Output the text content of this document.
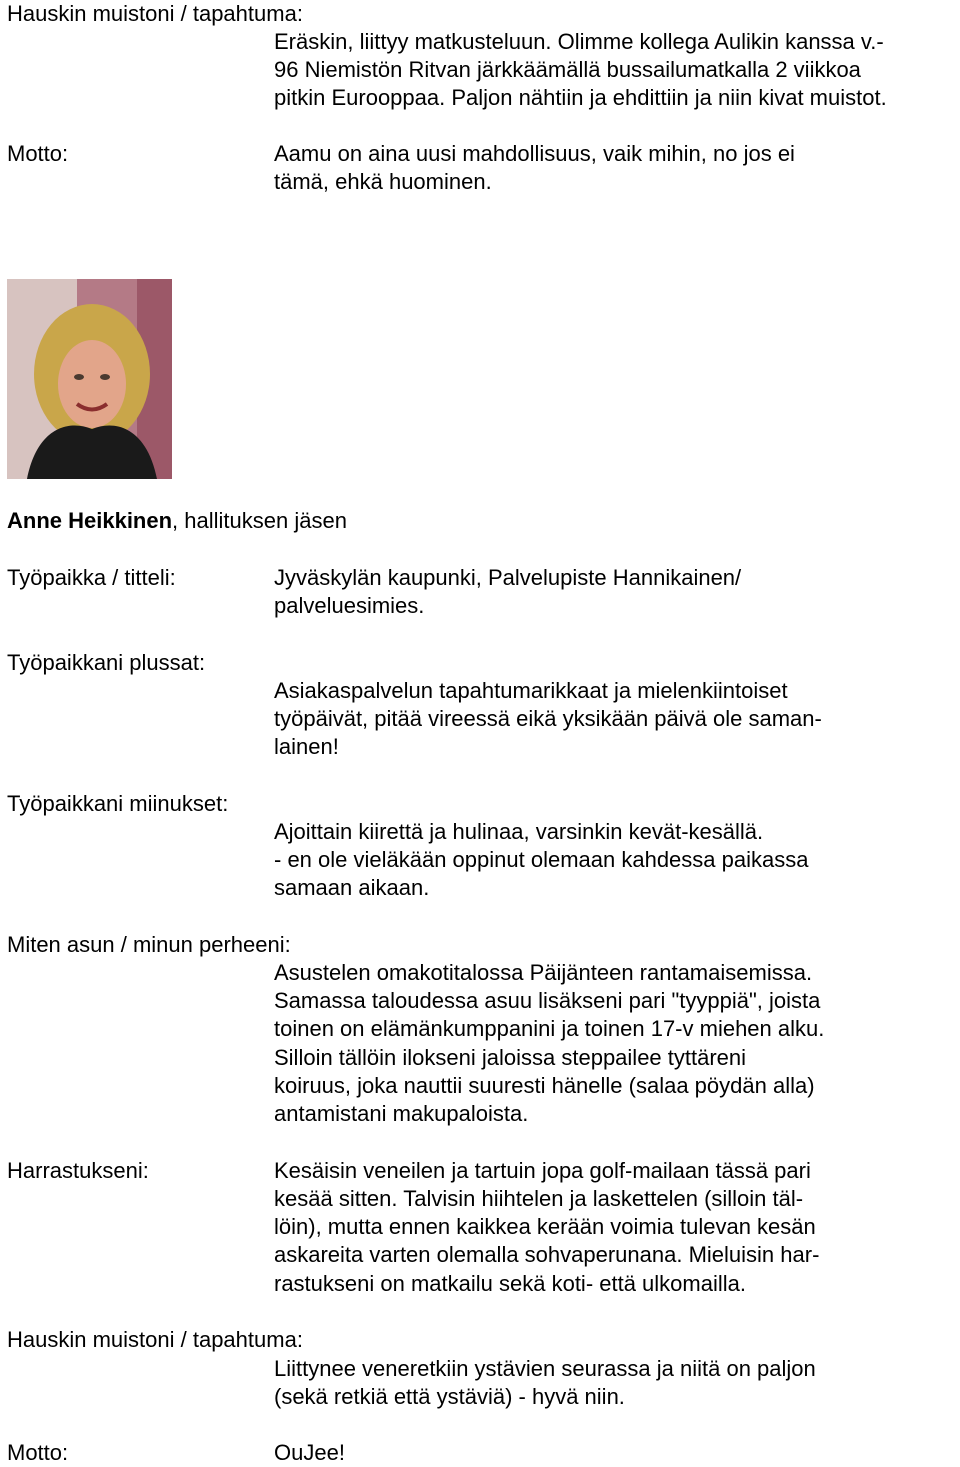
Hauskin muistoni / tapahtuma:

Eräskin, liittyy matkusteluun. Olimme kollega Aulikin kanssa v.-

96 Niemistön Ritvan järkkäämällä bussailumatkalla 2 viikkoa

pitkin Eurooppaa. Paljon nähtiin ja ehdittiin ja niin kivat muistot.

Motto:	Aamu on aina uusi mahdollisuus, vaik mihin, no jos ei

tämä, ehkä huominen.

Anne Heikkinen, hallituksen jäsen

Työpaikka / titteli:	Jyväskylän kaupunki, Palvelupiste Hannikainen/

palveluesimies.

Työpaikkani plussat:

Asiakaspalvelun tapahtumarikkaat ja mielenkiintoiset

työpäivät, pitää vireessä eikä yksikään päivä ole saman-

lainen!

Työpaikkani miinukset:

Ajoittain kiirettä ja hulinaa, varsinkin kevät-kesällä.

- en ole vieläkään oppinut olemaan kahdessa paikassa

samaan aikaan.

Miten asun / minun perheeni:

Asustelen omakotitalossa Päijänteen rantamaisemissa.

Samassa taloudessa asuu lisäkseni pari "tyyppiä", joista

toinen on elämänkumppanini ja toinen 17-v miehen alku.

Silloin tällöin ilokseni jaloissa steppailee tyttäreni

koiruus, joka nauttii suuresti hänelle (salaa pöydän alla)

antamistani makupaloista.

Harrastukseni:	Kesäisin veneilen ja tartuin jopa golf-mailaan tässä pari

kesää sitten. Talvisin hiihtelen ja laskettelen (silloin täl-

löin), mutta ennen kaikkea kerään voimia tulevan kesän

askareita varten olemalla sohvaperunana. Mieluisin har-

rastukseni on matkailu sekä koti- että ulkomailla.

Hauskin muistoni / tapahtuma:

Liittynee veneretkiin ystävien seurassa ja niitä on paljon

(sekä retkiä että ystäviä) - hyvä niin.

Motto:	OuJee!
